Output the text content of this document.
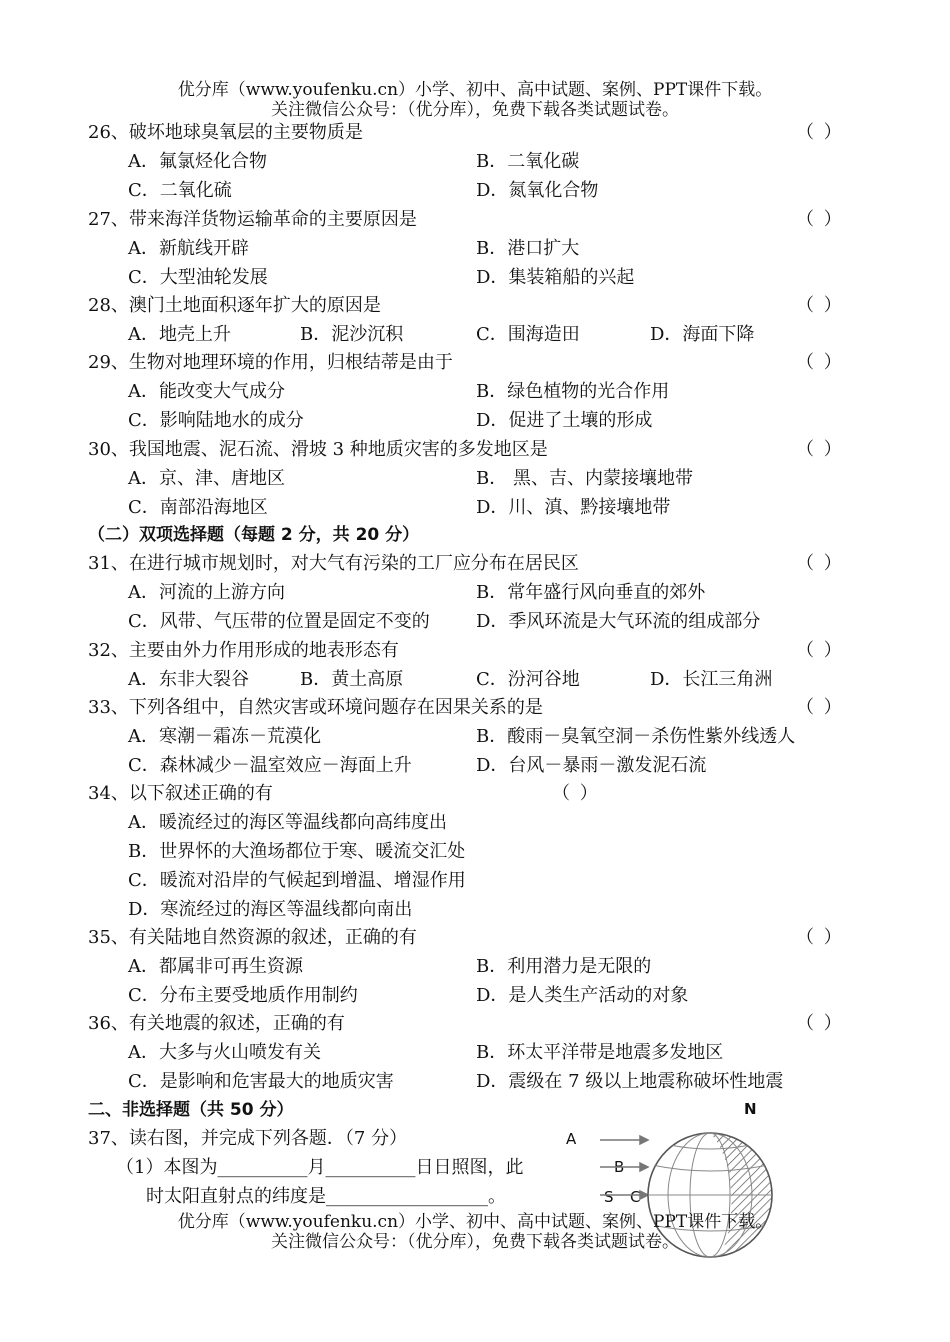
优分库（www.youfenku.cn）小学、初中、高中试题、案例、PPT课件下载。
关注微信公众号：（优分库），免费下载各类试题试卷。
26、破坏地球臭氧层的主要物质是	（ ）
A．氟氯烃化合物	B．二氧化碳
C．二氧化硫	D．氮氧化合物
27、带来海洋货物运输革命的主要原因是	（ ）
A．新航线开辟	B．港口扩大
C．大型油轮发展	D．集装箱船的兴起
28、澳门土地面积逐年扩大的原因是	（ ）
A．地壳上升	B．泥沙沉积	C．围海造田	D．海面下降
29、生物对地理环境的作用，归根结蒂是由于	（ ）
A．能改变大气成分	B．绿色植物的光合作用
C．影响陆地水的成分	D．促进了土壤的形成
30、我国地震、泥石流、滑坡 3 种地质灾害的多发地区是	（ ）
A．京、津、唐地区	B． 黑、吉、内蒙接壤地带
C．南部沿海地区	D．川、滇、黔接壤地带
（二）双项选择题（每题 2 分，共 20 分）
31、在进行城市规划时，对大气有污染的工厂应分布在居民区	（ ）
A．河流的上游方向	B．常年盛行风向垂直的郊外
C．风带、气压带的位置是固定不变的	D．季风环流是大气环流的组成部分
32、主要由外力作用形成的地表形态有	（ ）
A．东非大裂谷	B．黄土高原	C．汾河谷地	D．长江三角洲
33、下列各组中，自然灾害或环境问题存在因果关系的是	（ ）
A．寒潮－霜冻－荒漠化	B．酸雨－臭氧空洞－杀伤性紫外线透人
C．森林减少－温室效应－海面上升	D．台风－暴雨－激发泥石流
34、以下叙述正确的有	（ ）
A．暖流经过的海区等温线都向高纬度出
B．世界怀的大渔场都位于寒、暖流交汇处
C．暖流对沿岸的气候起到增温、增湿作用
D．寒流经过的海区等温线都向南出
35、有关陆地自然资源的叙述，正确的有	（ ）
A．都属非可再生资源	B．利用潜力是无限的
C．分布主要受地质作用制约	D．是人类生产活动的对象
36、有关地震的叙述，正确的有	（ ）
A．大多与火山喷发有关	B．环太平洋带是地震多发地区
C．是影响和危害最大的地质灾害	D．震级在 7 级以上地震称破坏性地震
二、非选择题（共 50 分）
37、读右图，并完成下列各题．（7 分）
（1）本图为__________月__________日日照图，此
时太阳直射点的纬度是__________________。
N
A
B
S C
优分库（www.youfenku.cn）小学、初中、高中试题、案例、PPT课件下载。
关注微信公众号：（优分库），免费下载各类试题试卷。
